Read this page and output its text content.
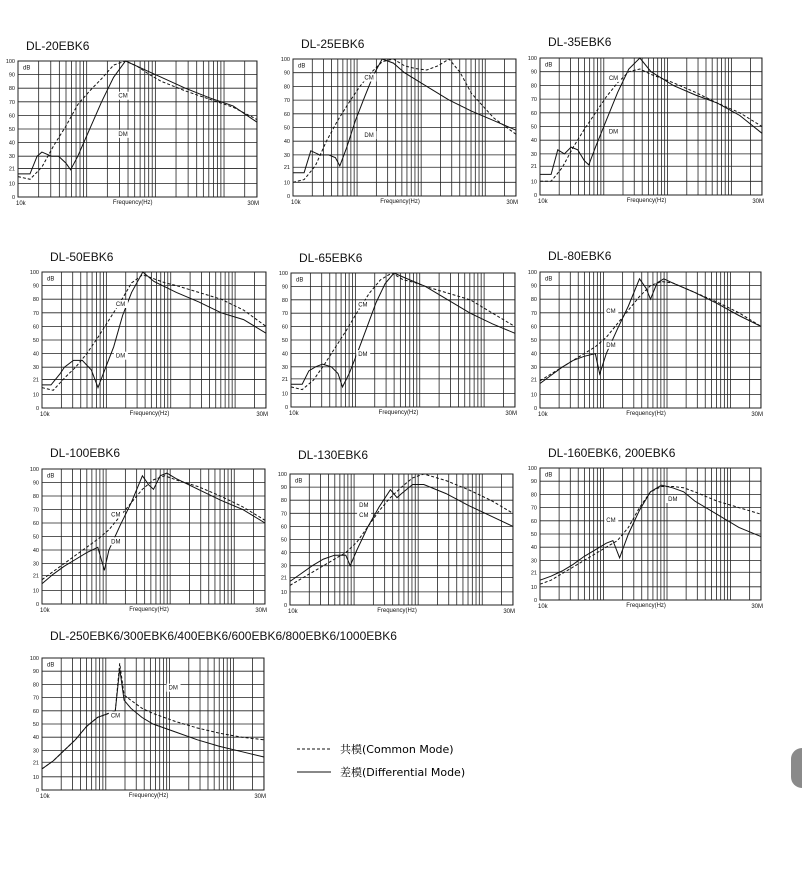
DL-20EBK6
0
10
21
30
40
50
60
70
80
90
100
dB
10k	30M
Frequency(Hz)
CM
DM
DL-25EBK6
0
10
21
30
40
50
60
70
80
90
100
dB
10k	30M
Frequency(Hz)
CM
DM
DL-35EBK6
0
10
21
30
40
50
60
70
80
90
100
dB
10k	30M
Frequency(Hz)
CM
DM
DL-50EBK6
0
10
21
30
40
50
60
70
80
90
100
dB
10k	30M
Frequency(Hz)
CM
DM
DL-65EBK6
0
10
21
30
40
50
60
70
80
90
100
dB
10k	30M
Frequency(Hz)
CM
DM
DL-80EBK6
0
10
21
30
40
50
60
70
80
90
100
dB
10k	30M
Frequency(Hz)
CM
DM
DL-100EBK6
0
10
21
30
40
50
60
70
80
90
100
dB
10k	30M
Frequency(Hz)
CM
DM
DL-130EBK6
0
10
21
30
40
50
60
70
80
90
100
dB
10k	30M
Frequency(Hz)
DM
CM
DL-160EBK6, 200EBK6
0
10
21
30
40
50
60
70
80
90
100
dB
10k	30M
Frequency(Hz)
CM
DM
DL-250EBK6/300EBK6/400EBK6/600EBK6/800EBK6/1000EBK6
0
10
21
30
40
50
60
70
80
90
100
dB
10k	30M
Frequency(Hz)
DM
CM
共模(Common Mode)
差模(Differential Mode)
